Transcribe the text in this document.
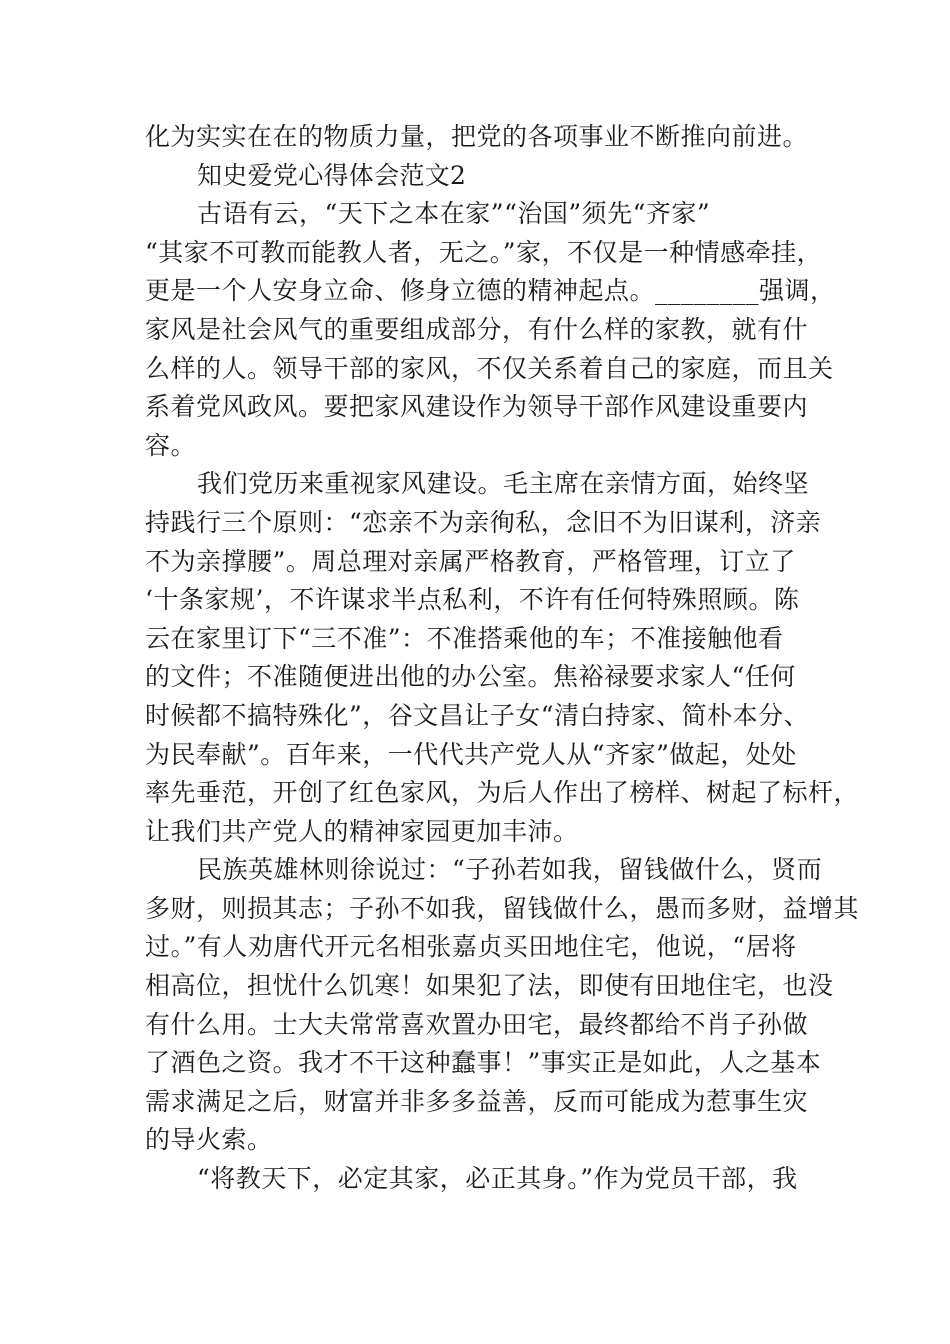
化为实实在在的物质力量，把党的各项事业不断推向前进。
知史爱党心得体会范文2
古语有云，“天下之本在家”“治国”须先“齐家”
“其家不可教而能教人者，无之。”家，不仅是一种情感牵挂，
更是一个人安身立命、修身立德的精神起点。________强调，
家风是社会风气的重要组成部分，有什么样的家教，就有什
么样的人。领导干部的家风，不仅关系着自己的家庭，而且关
系着党风政风。要把家风建设作为领导干部作风建设重要内
容。
我们党历来重视家风建设。毛主席在亲情方面，始终坚
持践行三个原则：“恋亲不为亲徇私，念旧不为旧谋利，济亲
不为亲撑腰”。周总理对亲属严格教育，严格管理，订立了
‘十条家规’，不许谋求半点私利，不许有任何特殊照顾。陈
云在家里订下“三不准”：不准搭乘他的车；不准接触他看
的文件；不准随便进出他的办公室。焦裕禄要求家人“任何
时候都不搞特殊化”，谷文昌让子女“清白持家、简朴本分、
为民奉献”。百年来，一代代共产党人从“齐家”做起，处处
率先垂范，开创了红色家风，为后人作出了榜样、树起了标杆，
让我们共产党人的精神家园更加丰沛。
民族英雄林则徐说过：“子孙若如我，留钱做什么，贤而
多财，则损其志；子孙不如我，留钱做什么，愚而多财，益增其
过。”有人劝唐代开元名相张嘉贞买田地住宅，他说，“居将
相高位，担忧什么饥寒！如果犯了法，即使有田地住宅，也没
有什么用。士大夫常常喜欢置办田宅，最终都给不肖子孙做
了酒色之资。我才不干这种蠢事！”事实正是如此，人之基本
需求满足之后，财富并非多多益善，反而可能成为惹事生灾
的导火索。
“将教天下，必定其家，必正其身。”作为党员干部，我
